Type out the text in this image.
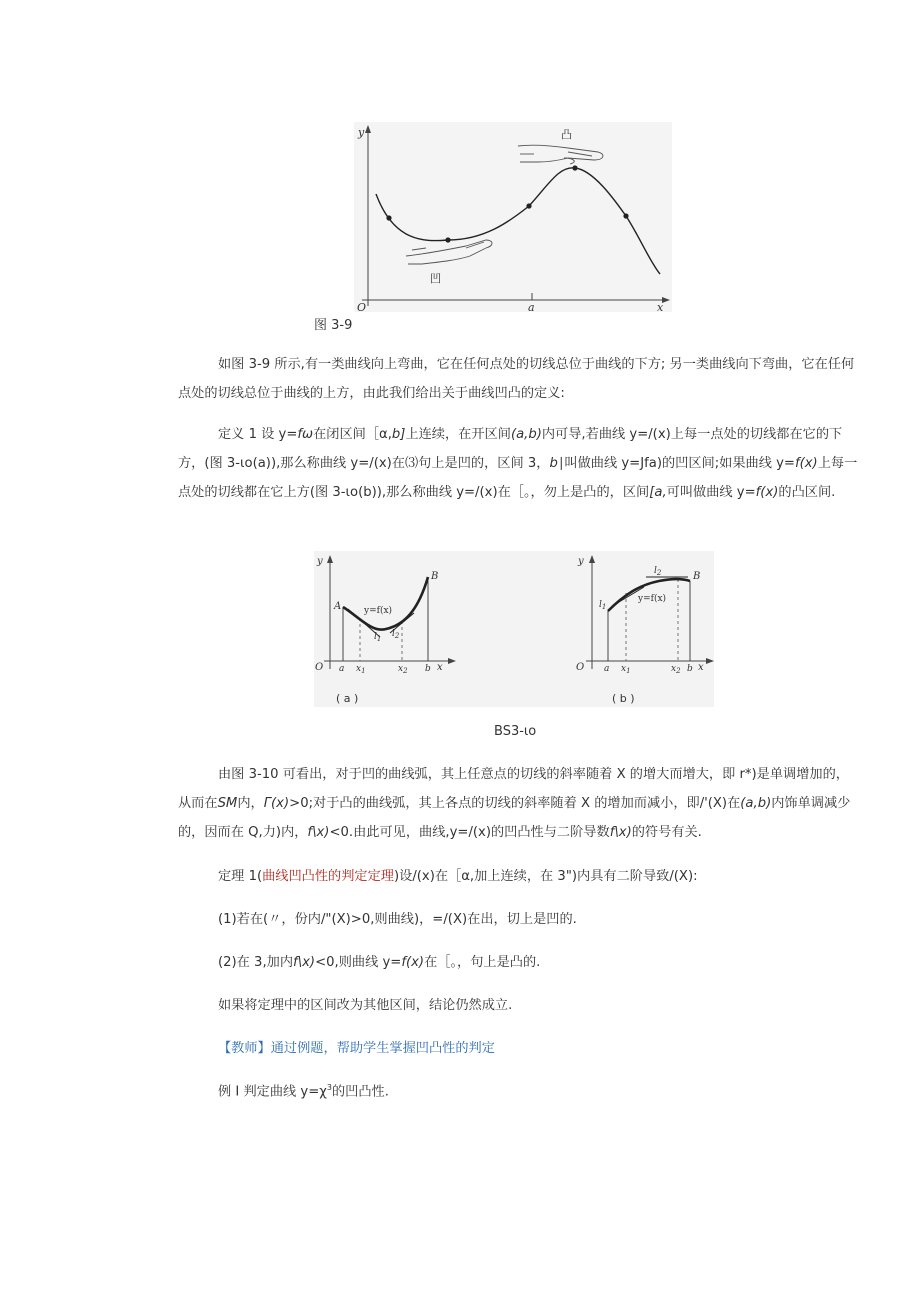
y
O	a	x
凸
凹
图 3-9
如图 3-9 所示,有一类曲线向上弯曲，它在任何点处的切线总位于曲线的下方; 另一类曲线向下弯曲，它在任何点处的切线总位于曲线的上方，由此我们给出关于曲线凹凸的定义:
定义 1 设 y=fω在闭区间［α,b]上连续，在开区间(a,b)内可导,若曲线 y=/(x)上每一点处的切线都在它的下方，(图 3-ιo(a)),那么称曲线 y=/(x)在⑶句上是凹的，区间 3，b∣叫做曲线 y=Jfa)的凹区间;如果曲线 y=f(x)上每一点处的切线都在它上方(图 3-ιo(b)),那么称曲线 y=/(x)在［。，勿上是凸的，区间[a,可叫做曲线 y=f(x)的凸区间.
y
O
A
B
y=f(x)
$l_1$ $l_2$
a $x_1$	$x_2$ b x
( a )
y
O
B
y=f(x)
$l_1$
$l_2$
a $x_1$	$x_2$ b x
( b )
BS3-ιo
由图 3-10 可看出，对于凹的曲线弧，其上任意点的切线的斜率随着 X 的增大而增大，即 r*)是单调增加的，从而在SM内，Γ(x)>0;对于凸的曲线弧，其上各点的切线的斜率随着 X 的增加而减小，即/'(X)在(a,b)内饰单调减少的，因而在 Q,力)内，f\x)<0.由此可见，曲线,y=/(x)的凹凸性与二阶导数f\x)的符号有关.
定理 1(曲线凹凸性的判定定理)设/(x)在［α,加上连续，在 3")内具有二阶导致/(X):
(1)若在(〃，份内/"(X)>0,则曲线)，=/(X)在出，切上是凹的.
(2)在 3,加内f\x)<0,则曲线 y=f(x)在［。，句上是凸的.
如果将定理中的区间改为其他区间，结论仍然成立.
【教师】通过例题，帮助学生掌握凹凸性的判定
例 I 判定曲线 $y=\chi^3$的凹凸性.
